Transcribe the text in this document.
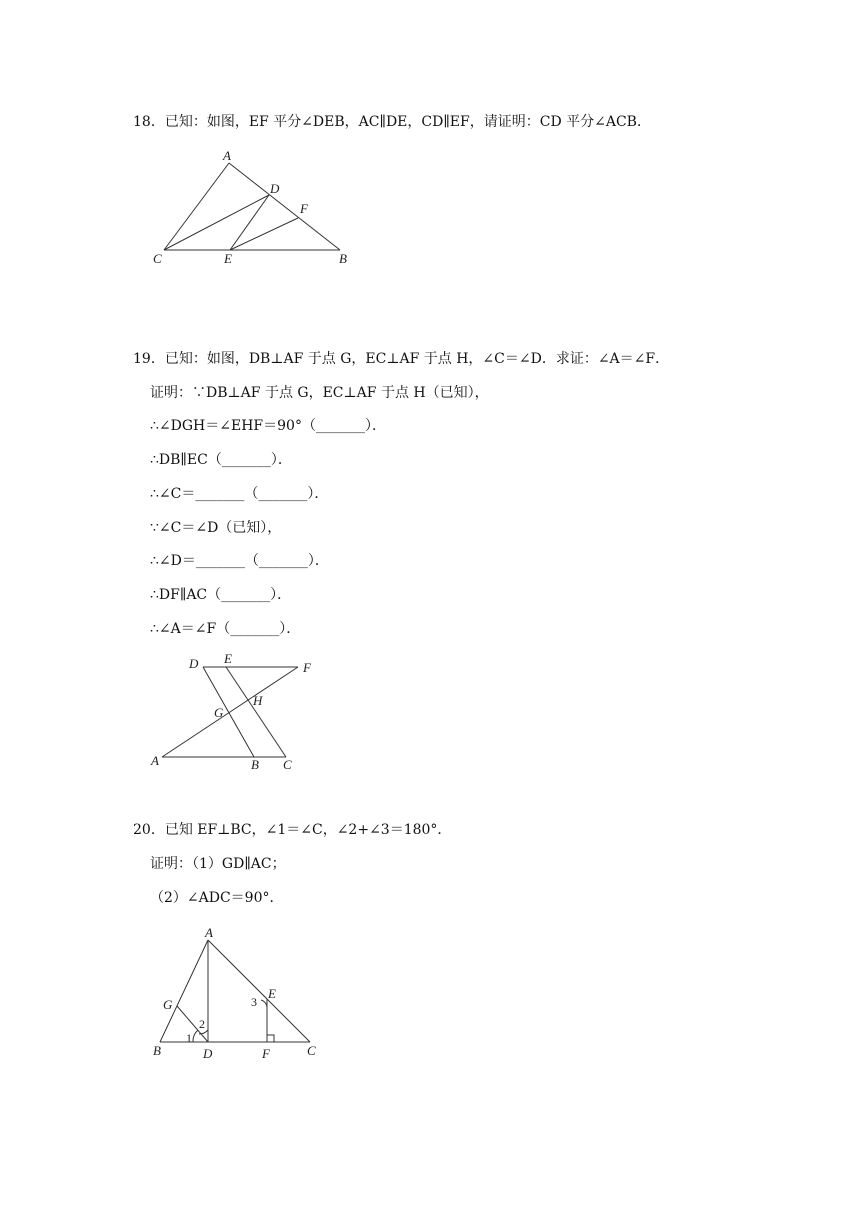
18．已知：如图，EF 平分∠DEB，AC∥DE，CD∥EF，请证明：CD 平分∠ACB．
A
D
F
C	E	B
19．已知：如图，DB⊥AF 于点 G，EC⊥AF 于点 H，∠C＝∠D．求证：∠A＝∠F．
证明：∵DB⊥AF 于点 G，EC⊥AF 于点 H（已知），
∴∠DGH＝∠EHF＝90°（_______）．
∴DB∥EC（_______）．
∴∠C＝_______（_______）．
∵∠C＝∠D（已知），
∴∠D＝_______（_______）．
∴DF∥AC（_______）．
∴∠A＝∠F（_______）．
D E
F
G
H
A	B C
20．已知 EF⊥BC，∠1＝∠C，∠2+∠3＝180°．
证明：（1）GD∥AC；
（2）∠ADC＝90°．
A
G
E
B	D	F	C
1
2
3
